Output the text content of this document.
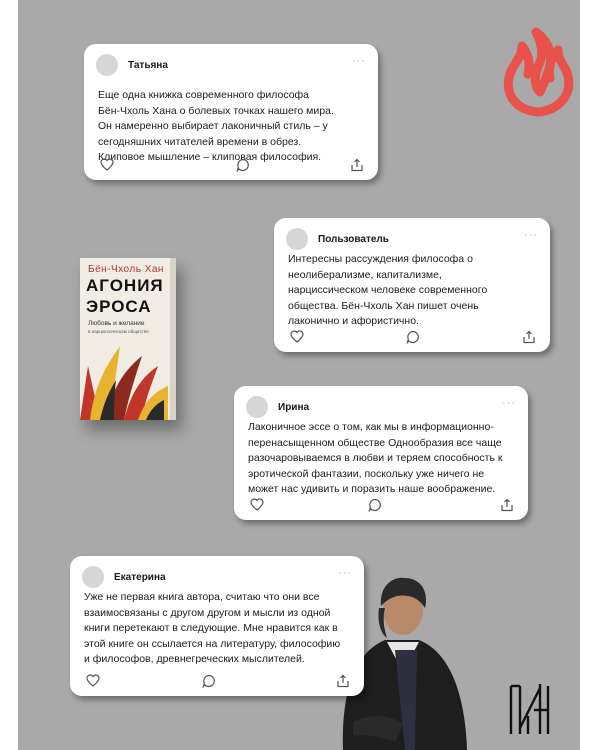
Бён-Чхоль Хан
АГОНИЯ
ЭРОСА
Любовь и желание
в нарциссическом обществе
Татьяна	···
Еще одна книжка современного философа
Бён-Чхоль Хана о болевых точках нашего мира.
Он намеренно выбирает лаконичный стиль – у
сегодняшних читателей времени в обрез.
Клиповое мышление – клиповая философия.
Пользователь	···
Интересны рассуждения философа о
неолиберализме, капитализме,
нарциссическом человеке современного
общества. Бён-Чхоль Хан пишет очень
лаконично и афористично.
Ирина	···
Лаконичное эссе о том, как мы в информационно-
перенасыщенном обществе Однообразия все чаще
разочаровываемся в любви и теряем способность к
эротической фантазии, поскольку уже ничего не
может нас удивить и поразить наше воображение.
Екатерина	···
Уже не первая книга автора, считаю что они все
взаимосвязаны с другом другом и мысли из одной
книги перетекают в следующие. Мне нравится как в
этой книге он ссылается на литературу, философию
и философов, древнегреческих мыслителей.
